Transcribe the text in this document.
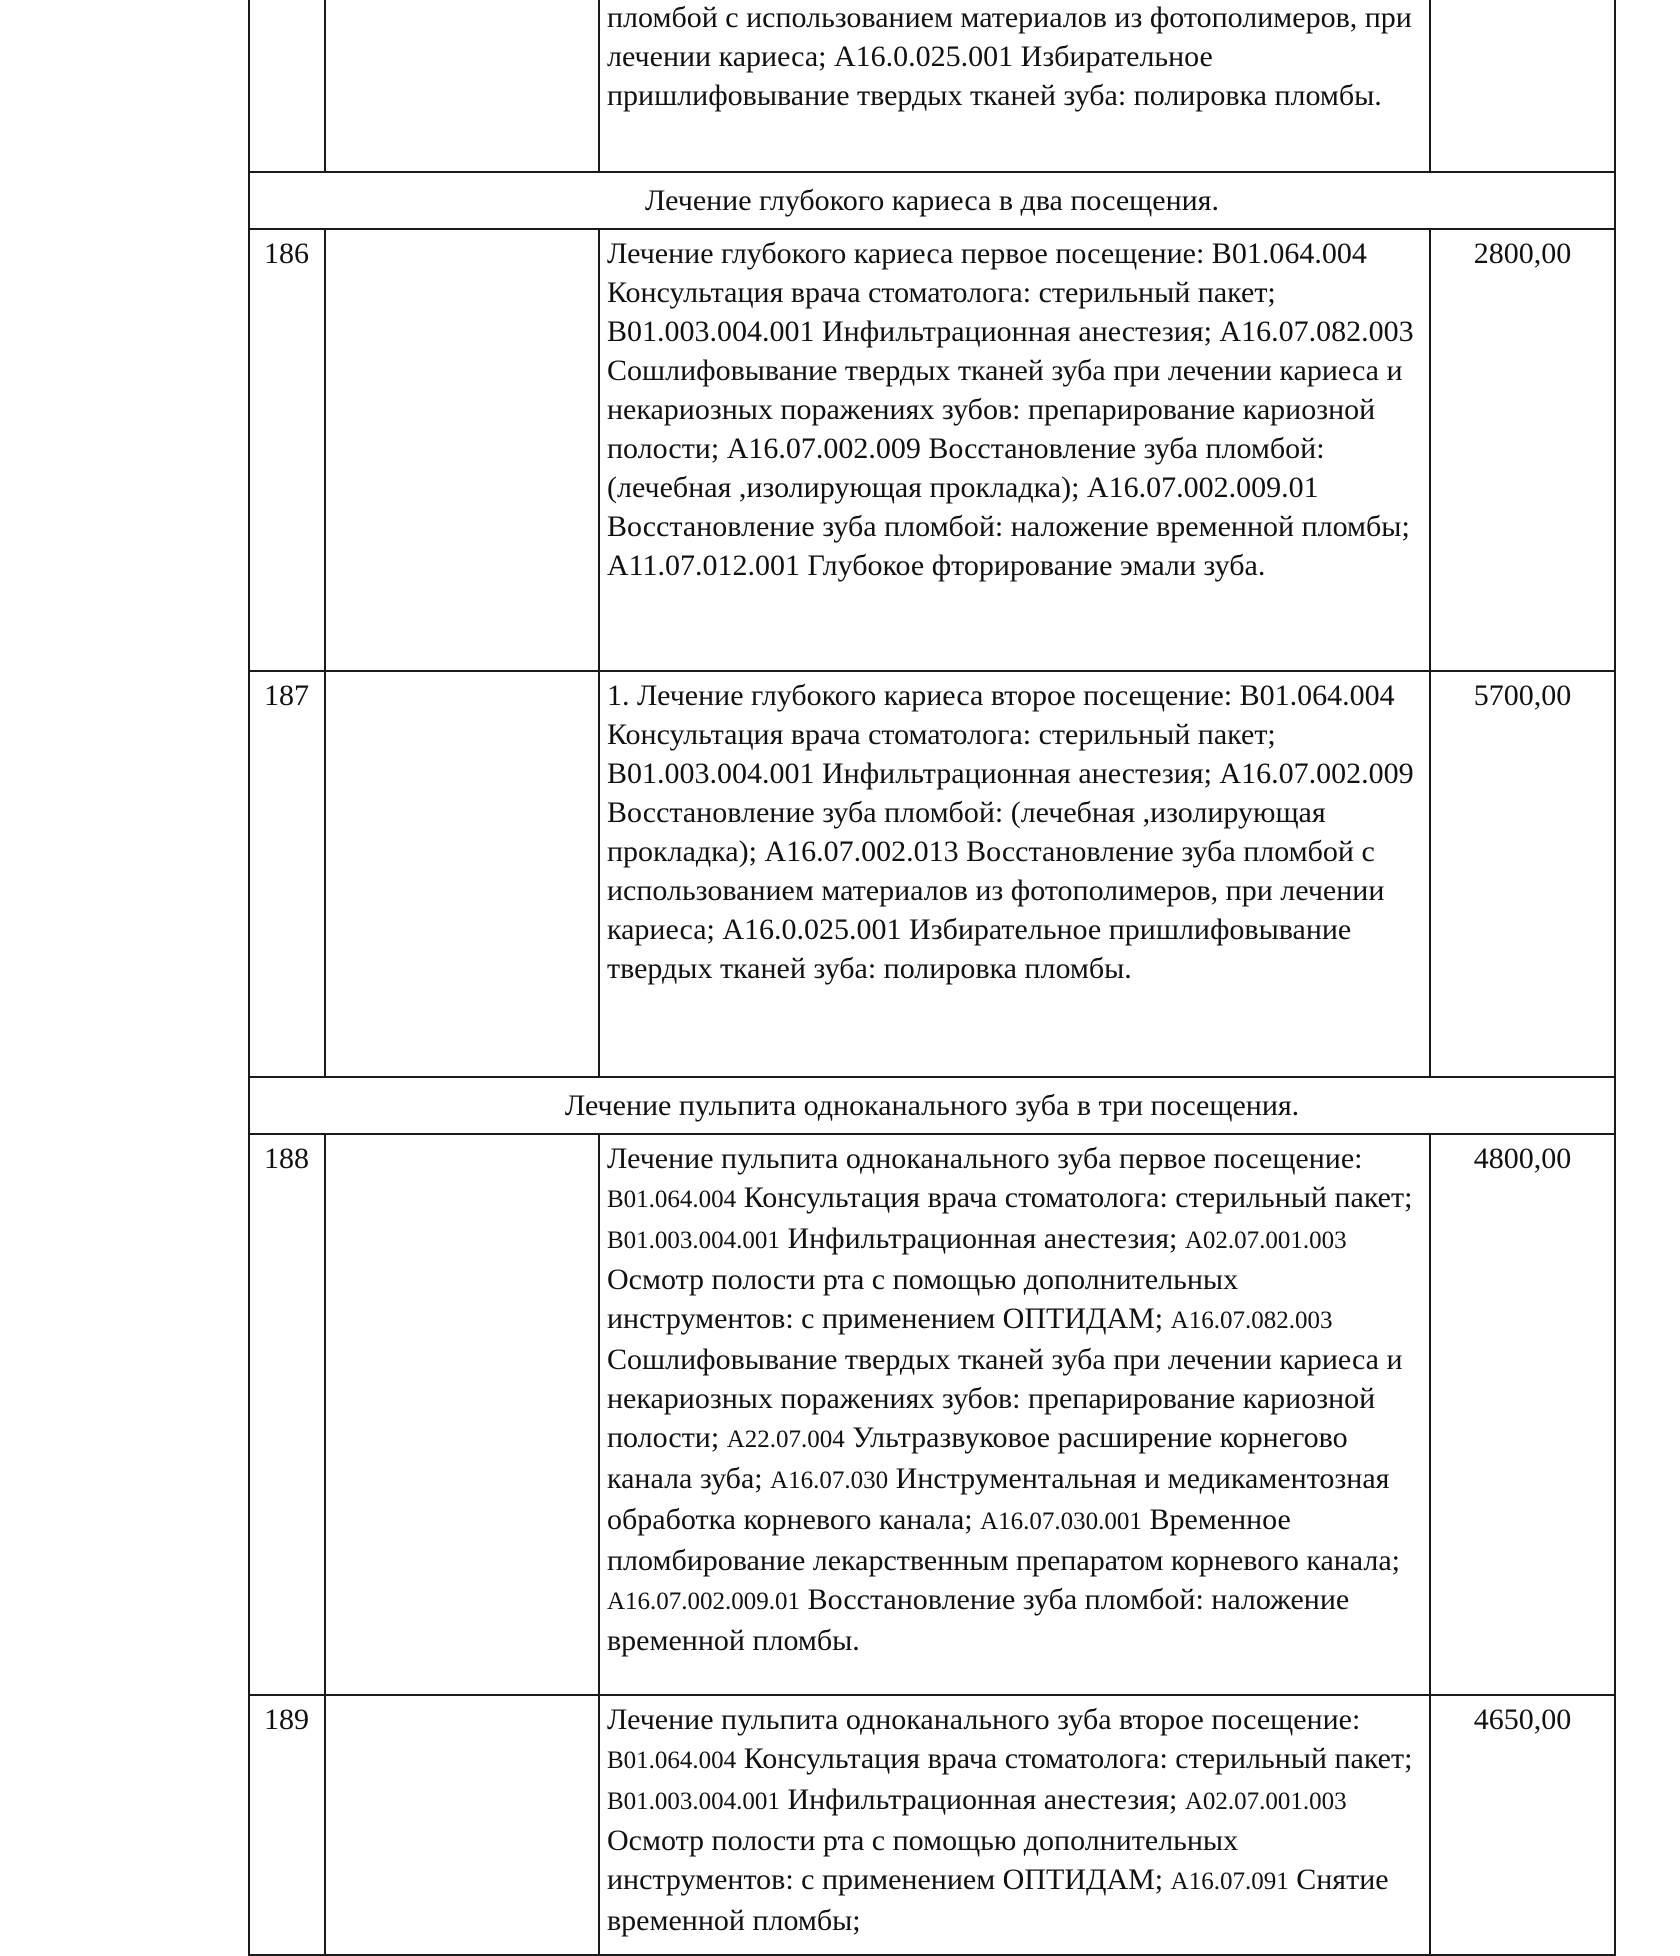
		пломбой с использованием материалов из фотополимеров, при лечении кариеса; А16.0.025.001 Избирательное пришлифовывание твердых тканей зуба: полировка пломбы.	
Лечение глубокого кариеса в два посещения.			
186		Лечение глубокого кариеса первое посещение: В01.064.004 Консультация врача стоматолога: стерильный пакет; В01.003.004.001 Инфильтрационная анестезия; А16.07.082.003 Сошлифовывание твердых тканей зуба при лечении кариеса и некариозных поражениях зубов: препарирование кариозной полости; А16.07.002.009 Восстановление зуба пломбой: (лечебная ,изолирующая прокладка); А16.07.002.009.01 Восстановление зуба пломбой: наложение временной пломбы; А11.07.012.001 Глубокое фторирование эмали зуба.	2800,00
187		1. Лечение глубокого кариеса второе посещение: В01.064.004 Консультация врача стоматолога: стерильный пакет; В01.003.004.001 Инфильтрационная анестезия; А16.07.002.009 Восстановление зуба пломбой: (лечебная ,изолирующая прокладка); А16.07.002.013 Восстановление зуба пломбой с использованием материалов из фотополимеров, при лечении кариеса; А16.0.025.001 Избирательное пришлифовывание твердых тканей зуба: полировка пломбы.	5700,00
Лечение пульпита одноканального зуба в три посещения.			
188		Лечение пульпита одноканального зуба первое посещение: В01.064.004 Консультация врача стоматолога: стерильный пакет; В01.003.004.001 Инфильтрационная анестезия; А02.07.001.003 Осмотр полости рта с помощью дополнительных инструментов: с применением ОПТИДАМ; А16.07.082.003 Сошлифовывание твердых тканей зуба при лечении кариеса и некариозных поражениях зубов: препарирование кариозной полости; А22.07.004 Ультразвуковое расширение корнегово канала зуба; А16.07.030 Инструментальная и медикаментозная обработка корневого канала; А16.07.030.001 Временное пломбирование лекарственным препаратом корневого канала; А16.07.002.009.01 Восстановление зуба пломбой: наложение временной пломбы.	4800,00
189		Лечение пульпита одноканального зуба второе посещение: В01.064.004 Консультация врача стоматолога: стерильный пакет; В01.003.004.001 Инфильтрационная анестезия; А02.07.001.003 Осмотр полости рта с помощью дополнительных инструментов: с применением ОПТИДАМ; А16.07.091 Снятие временной пломбы;	4650,00
